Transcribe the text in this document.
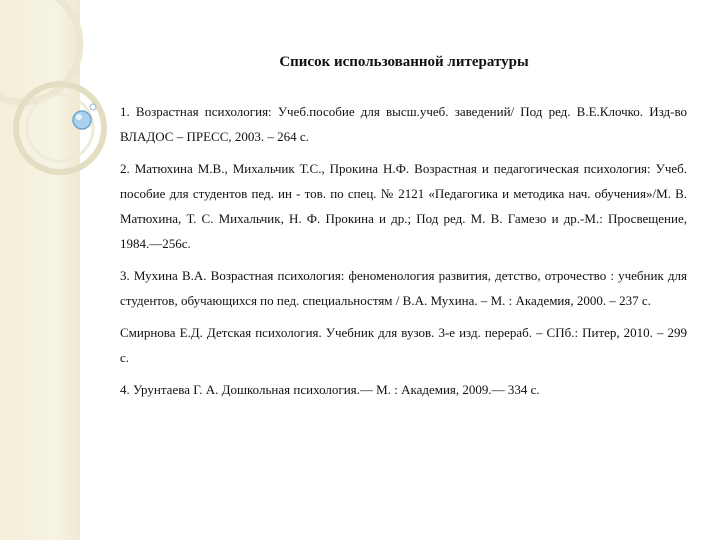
Список использованной литературы

1. Возрастная психология: Учеб.пособие для высш.учеб. заведений/ Под ред. В.Е.Клочко. Изд-во ВЛАДОС – ПРЕСС, 2003. – 264 с.

2. Матюхина М.В., Михальчик Т.С., Прокина Н.Ф. Возрастная и педагогическая психология: Учеб. пособие для студентов пед. ин - тов. по спец. № 2121 «Педагогика и методика нач. обучения»/М. В. Матюхина, Т. С. Михальчик, Н. Ф. Прокина и др.; Под ред. М. В. Гамезо и др.-М.: Просвещение, 1984.—256с.

3. Мухина В.А. Возрастная психология: феноменология развития, детство, отрочество : учебник для студентов, обучающихся по пед. специальностям / В.А. Мухина. – М. : Академия, 2000. – 237 с.

Смирнова Е.Д. Детская психология. Учебник для вузов. 3-е изд. перераб. – СПб.: Питер, 2010. – 299 с.

4. Урунтаева Г. А. Дошкольная психология.— М. : Академия, 2009.— 334 с.
